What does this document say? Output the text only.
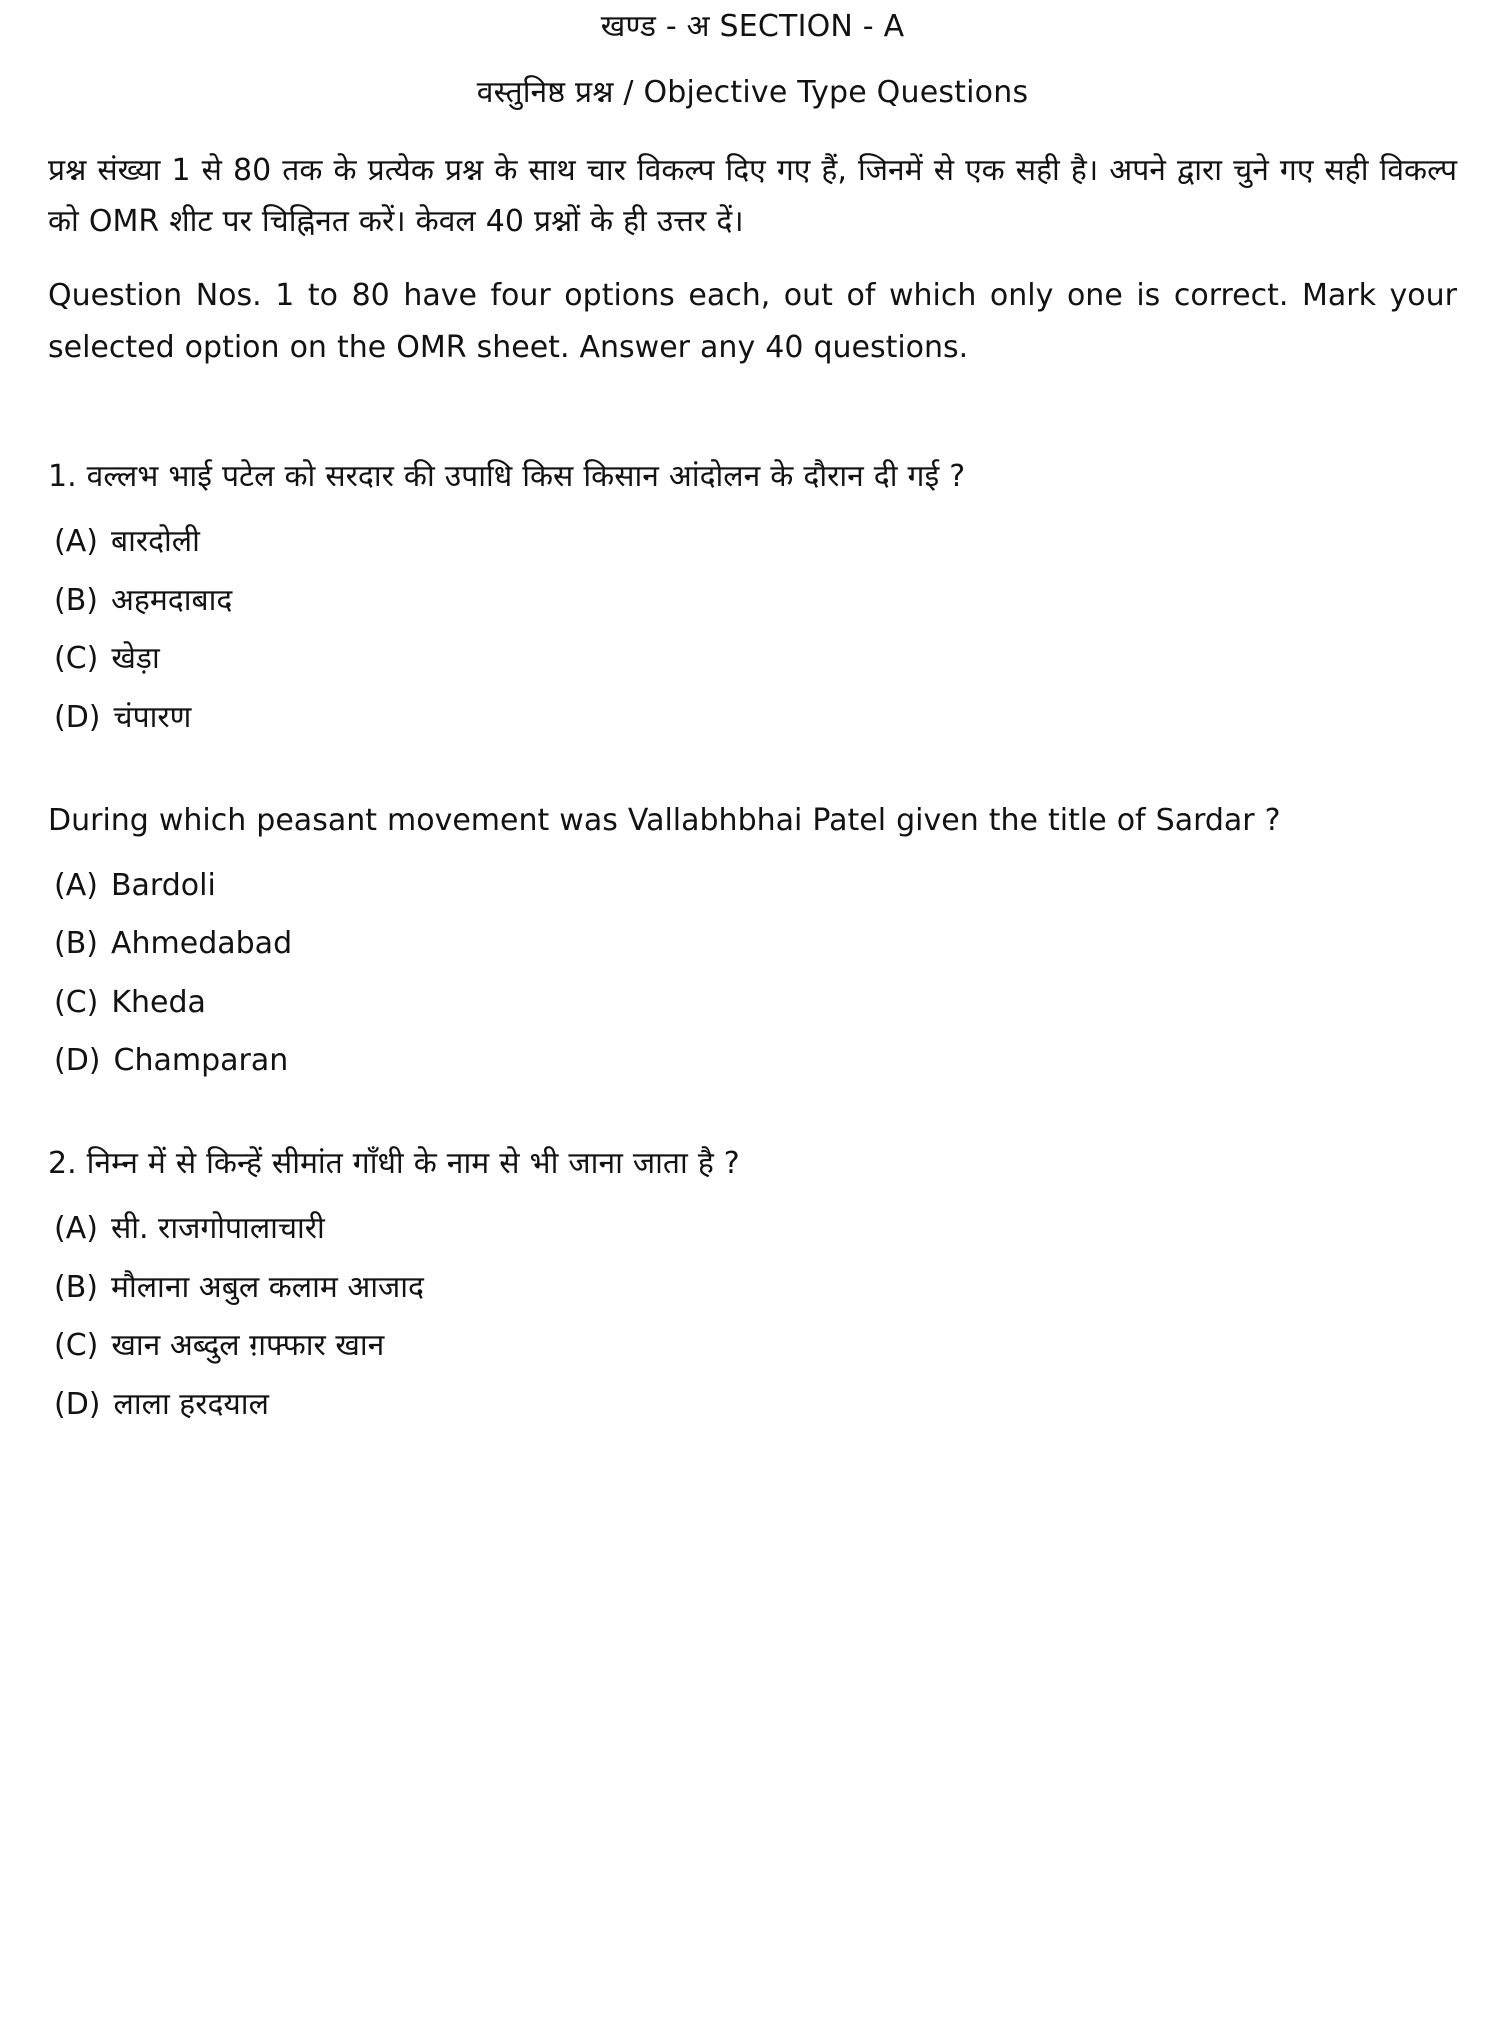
खण्ड - अ SECTION - A
वस्तुनिष्ठ प्रश्न / Objective Type Questions

प्रश्न संख्या 1 से 80 तक के प्रत्येक प्रश्न के साथ चार विकल्प दिए गए हैं, जिनमें से एक सही है। अपने द्वारा चुने गए सही विकल्प को OMR शीट पर चिह्निनत करें। केवल 40 प्रश्नों के ही उत्तर दें।

Question Nos. 1 to 80 have four options each, out of which only one is correct. Mark your selected option on the OMR sheet. Answer any 40 questions.

1. वल्लभ भाई पटेल को सरदार की उपाधि किस किसान आंदोलन के दौरान दी गई ?

(A) बारदोली
(B) अहमदाबाद
(C) खेड़ा
(D) चंपारण

During which peasant movement was Vallabhbhai Patel given the title of Sardar ?

(A) Bardoli
(B) Ahmedabad
(C) Kheda
(D) Champaran

2. निम्न में से किन्हें सीमांत गाँधी के नाम से भी जाना जाता है ?

(A) सी. राजगोपालाचारी
(B) मौलाना अबुल कलाम आजाद
(C) खान अब्दुल ग़फ्फार खान
(D) लाला हरदयाल
